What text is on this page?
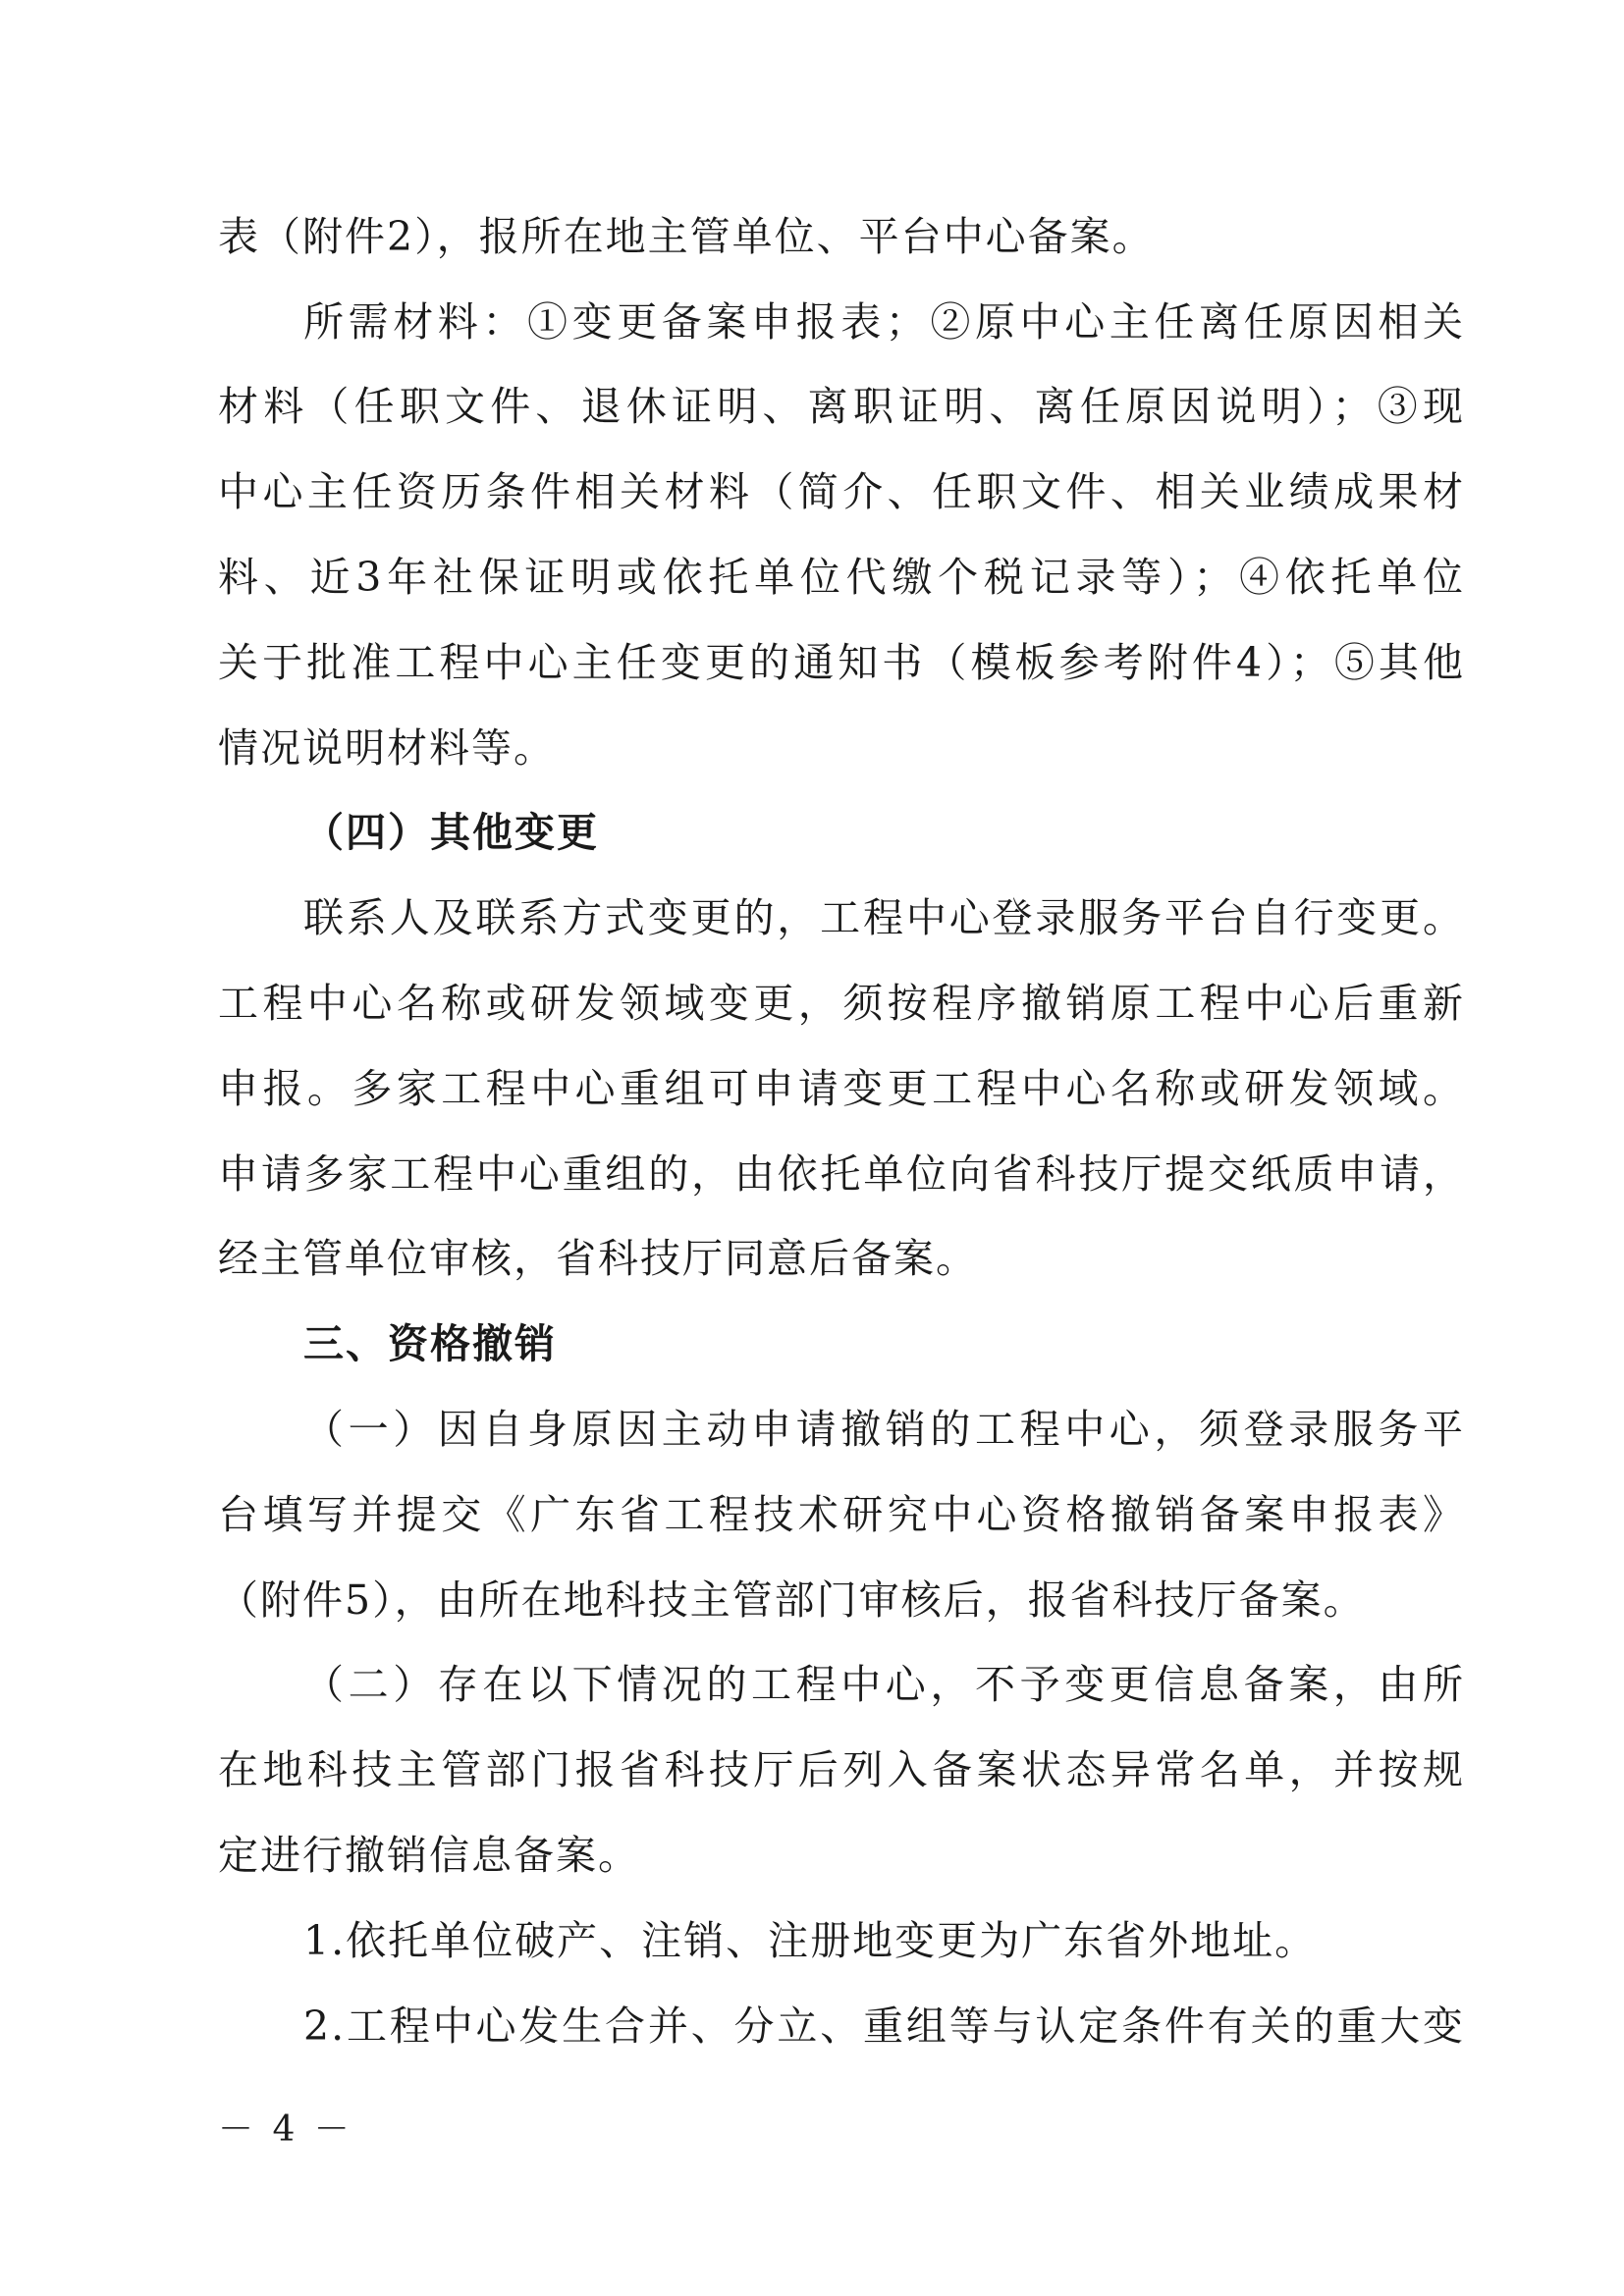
表（附件2），报所在地主管单位、平台中心备案。
所需材料：①变更备案申报表；②原中心主任离任原因相关
材料（任职文件、退休证明、离职证明、离任原因说明）；③现
中心主任资历条件相关材料（简介、任职文件、相关业绩成果材
料、近3年社保证明或依托单位代缴个税记录等）；④依托单位
关于批准工程中心主任变更的通知书（模板参考附件4）；⑤其他
情况说明材料等。
（四）其他变更
联系人及联系方式变更的，工程中心登录服务平台自行变更。
工程中心名称或研发领域变更，须按程序撤销原工程中心后重新
申报。多家工程中心重组可申请变更工程中心名称或研发领域。
申请多家工程中心重组的，由依托单位向省科技厅提交纸质申请，
经主管单位审核，省科技厅同意后备案。
三、资格撤销
（一）因自身原因主动申请撤销的工程中心，须登录服务平
台填写并提交《广东省工程技术研究中心资格撤销备案申报表》
（附件5），由所在地科技主管部门审核后，报省科技厅备案。
（二）存在以下情况的工程中心，不予变更信息备案，由所
在地科技主管部门报省科技厅后列入备案状态异常名单，并按规
定进行撤销信息备案。
1.依托单位破产、注销、注册地变更为广东省外地址。
2.工程中心发生合并、分立、重组等与认定条件有关的重大变
－ 4 －
